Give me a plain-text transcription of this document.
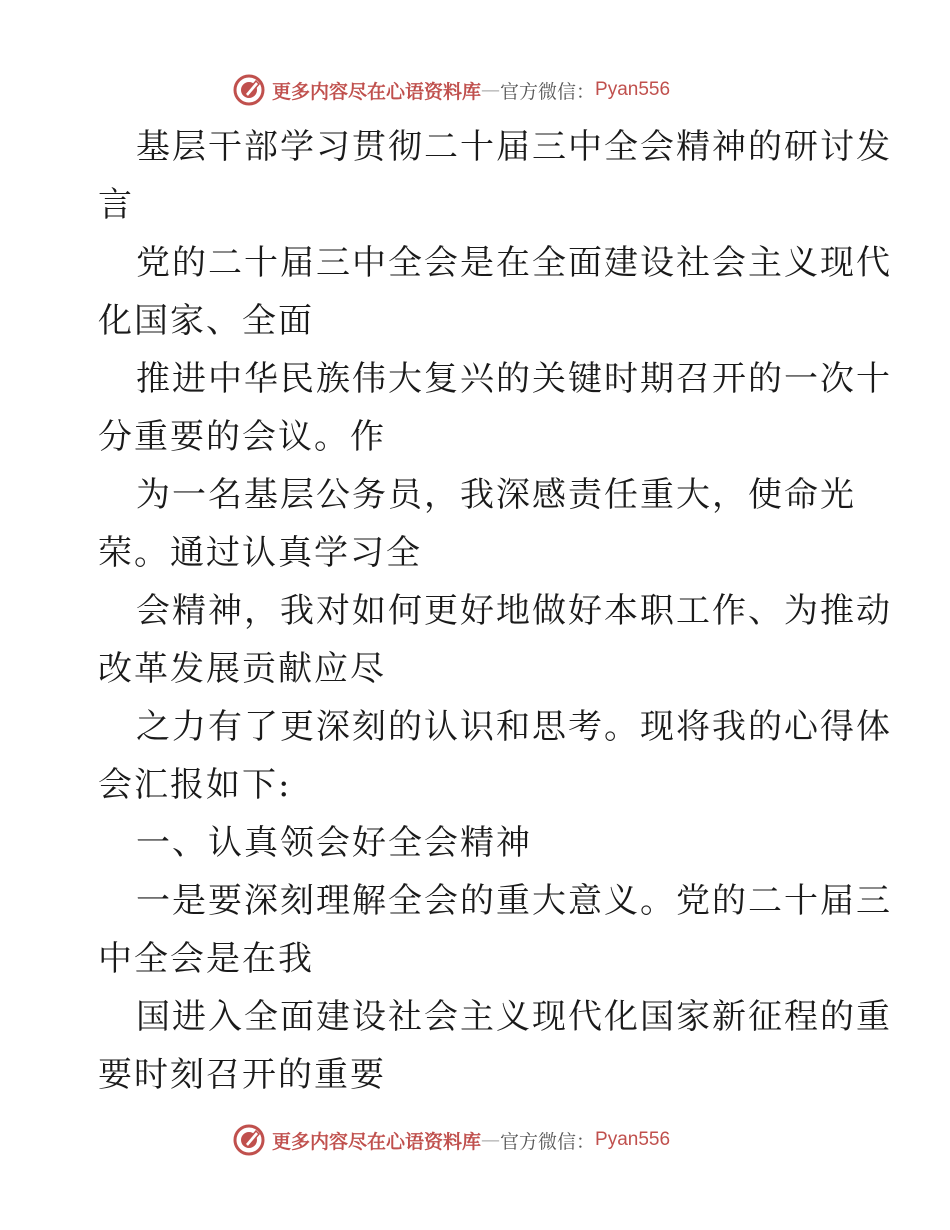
更多内容尽在心语资料库 — 官方微信： Pyan556
基层干部学习贯彻二十届三中全会精神的研讨发
言
党的二十届三中全会是在全面建设社会主义现代
化国家、全面
推进中华民族伟大复兴的关键时期召开的一次十
分重要的会议。作
为一名基层公务员，我深感责任重大，使命光
荣。通过认真学习全
会精神，我对如何更好地做好本职工作、为推动
改革发展贡献应尽
之力有了更深刻的认识和思考。现将我的心得体
会汇报如下:
一、认真领会好全会精神
一是要深刻理解全会的重大意义。党的二十届三
中全会是在我
国进入全面建设社会主义现代化国家新征程的重
要时刻召开的重要
更多内容尽在心语资料库 — 官方微信： Pyan556
